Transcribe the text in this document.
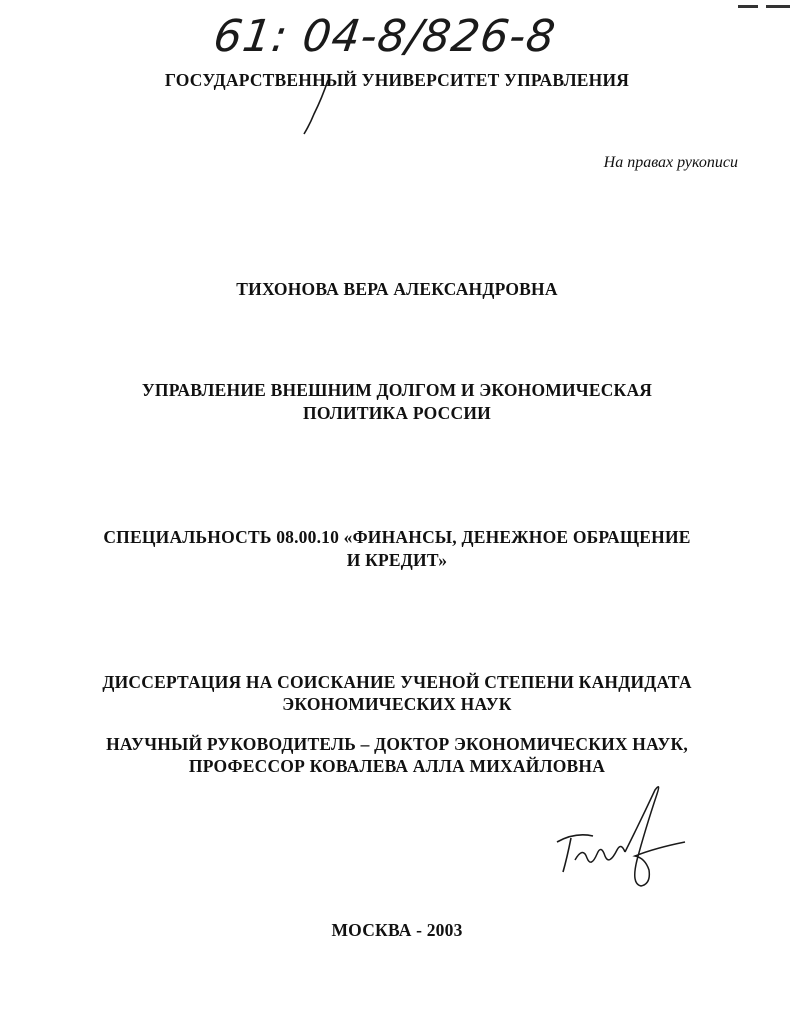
61: 04-8/826-8
ГОСУДАРСТВЕННЫЙ УНИВЕРСИТЕТ УПРАВЛЕНИЯ
На правах рукописи
ТИХОНОВА ВЕРА АЛЕКСАНДРОВНА
УПРАВЛЕНИЕ ВНЕШНИМ ДОЛГОМ И ЭКОНОМИЧЕСКАЯ
ПОЛИТИКА РОССИИ
СПЕЦИАЛЬНОСТЬ 08.00.10 «ФИНАНСЫ, ДЕНЕЖНОЕ ОБРАЩЕНИЕ
И КРЕДИТ»
ДИССЕРТАЦИЯ НА СОИСКАНИЕ УЧЕНОЙ СТЕПЕНИ КАНДИДАТА
ЭКОНОМИЧЕСКИХ НАУК
НАУЧНЫЙ РУКОВОДИТЕЛЬ – ДОКТОР ЭКОНОМИЧЕСКИХ НАУК,
ПРОФЕССОР КОВАЛЕВА АЛЛА МИХАЙЛОВНА
МОСКВА - 2003
